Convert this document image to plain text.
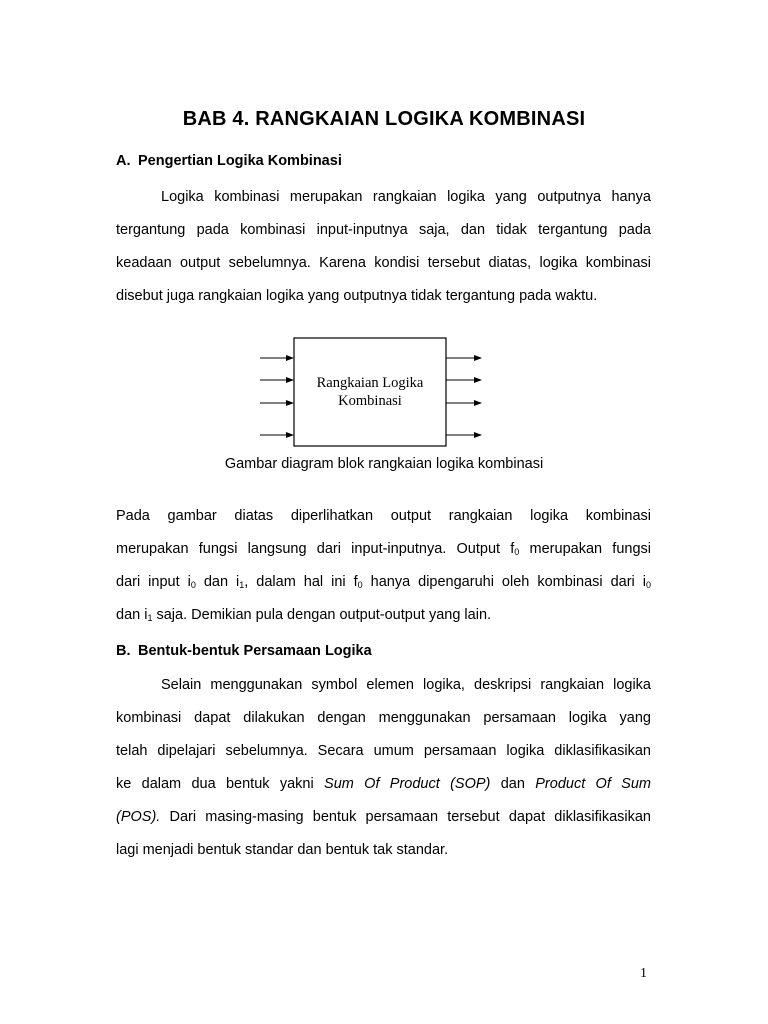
BAB 4. RANGKAIAN LOGIKA KOMBINASI
A. Pengertian Logika Kombinasi
Logika kombinasi merupakan rangkaian logika yang outputnya hanya
tergantung pada kombinasi input-inputnya saja, dan tidak tergantung pada
keadaan output sebelumnya. Karena kondisi tersebut diatas, logika kombinasi
disebut juga rangkaian logika yang outputnya tidak tergantung pada waktu.
Rangkaian Logika
Kombinasi
Gambar diagram blok rangkaian logika kombinasi
Pada gambar diatas diperlihatkan output rangkaian logika kombinasi
merupakan fungsi langsung dari input-inputnya. Output $f_0$ merupakan fungsi
dari input $i_0$ dan $i_1$, dalam hal ini $f_0$ hanya dipengaruhi oleh kombinasi dari $i_0$
dan $i_1$ saja. Demikian pula dengan output-output yang lain.
B. Bentuk-bentuk Persamaan Logika
Selain menggunakan symbol elemen logika, deskripsi rangkaian logika
kombinasi dapat dilakukan dengan menggunakan persamaan logika yang
telah dipelajari sebelumnya. Secara umum persamaan logika diklasifikasikan
ke dalam dua bentuk yakni Sum Of Product (SOP) dan Product Of Sum
(POS). Dari masing-masing bentuk persamaan tersebut dapat diklasifikasikan
lagi menjadi bentuk standar dan bentuk tak standar.
1
